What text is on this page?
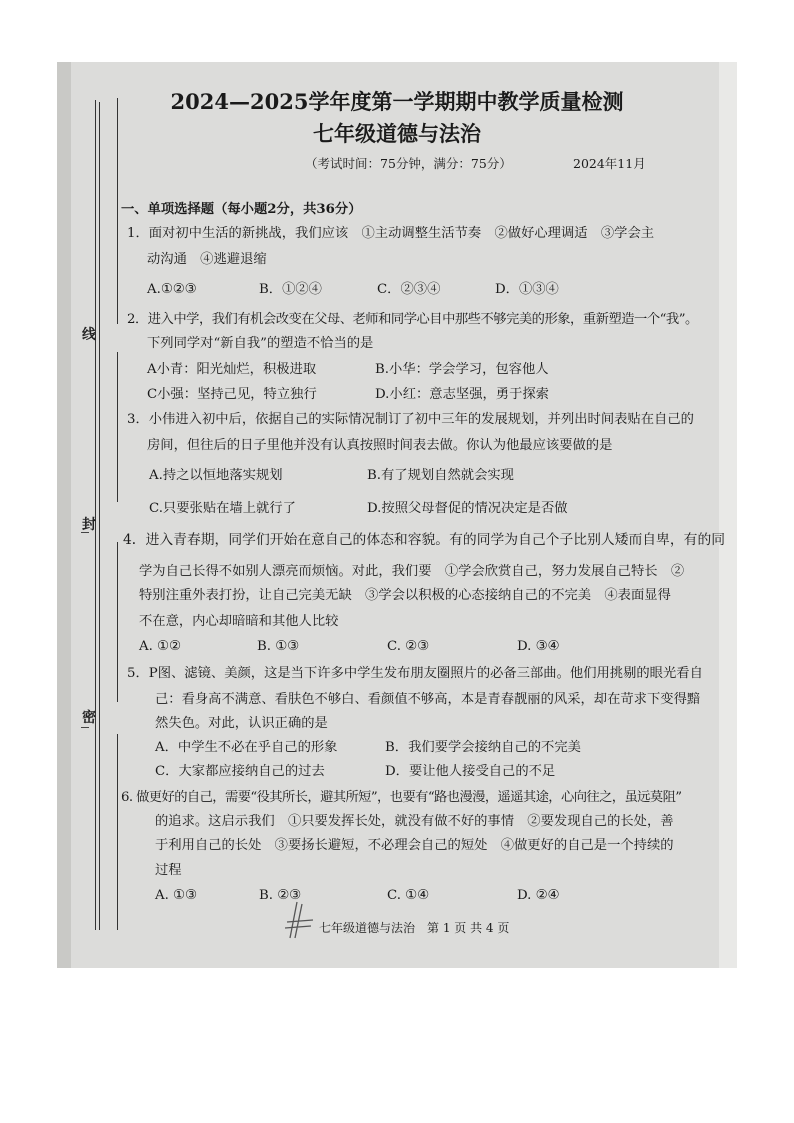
线
封
密
2024—2025学年度第一学期期中教学质量检测
七年级道德与法治
（考试时间：75分钟，满分：75分）	2024年11月
一、单项选择题（每小题2分，共36分）
1．面对初中生活的新挑战，我们应该　①主动调整生活节奏　②做好心理调适　③学会主
动沟通　④逃避退缩
A.①②③	B．①②④	C．②③④	D．①③④
2．进入中学，我们有机会改变在父母、老师和同学心目中那些不够完美的形象，重新塑造一个“我”。
下列同学对“新自我”的塑造不恰当的是
A小青：阳光灿烂，积极进取	B.小华：学会学习，包容他人
C小强：坚持己见，特立独行	D.小红：意志坚强，勇于探索
3．小伟进入初中后，依据自己的实际情况制订了初中三年的发展规划，并列出时间表贴在自己的
房间，但往后的日子里他并没有认真按照时间表去做。你认为他最应该要做的是
A.持之以恒地落实规划	B.有了规划自然就会实现
C.只要张贴在墙上就行了	D.按照父母督促的情况决定是否做
4．进入青春期，同学们开始在意自己的体态和容貌。有的同学为自己个子比别人矮而自卑，有的同
学为自己长得不如别人漂亮而烦恼。对此，我们要　①学会欣赏自己，努力发展自己特长　②
特别注重外表打扮，让自己完美无缺　③学会以积极的心态接纳自己的不完美　④表面显得
不在意，内心却暗暗和其他人比较
A. ①②	B. ①③	C. ②③	D. ③④
5．P图、滤镜、美颜，这是当下许多中学生发布朋友圈照片的必备三部曲。他们用挑剔的眼光看自
己：看身高不满意、看肤色不够白、看颜值不够高，本是青春靓丽的风采，却在苛求下变得黯
然失色。对此，认识正确的是
A．中学生不必在乎自己的形象	B．我们要学会接纳自己的不完美
C．大家都应接纳自己的过去	D．要让他人接受自己的不足
6. 做更好的自己，需要“役其所长，避其所短”，也要有“路也漫漫，遥遥其途，心向往之，虽远莫阻”
的追求。这启示我们　①只要发挥长处，就没有做不好的事情　②要发现自己的长处，善
于利用自己的长处　③要扬长避短，不必理会自己的短处　④做更好的自己是一个持续的
过程
A. ①③	B. ②③	C. ①④	D. ②④
七年级道德与法治　第 1 页 共 4 页
